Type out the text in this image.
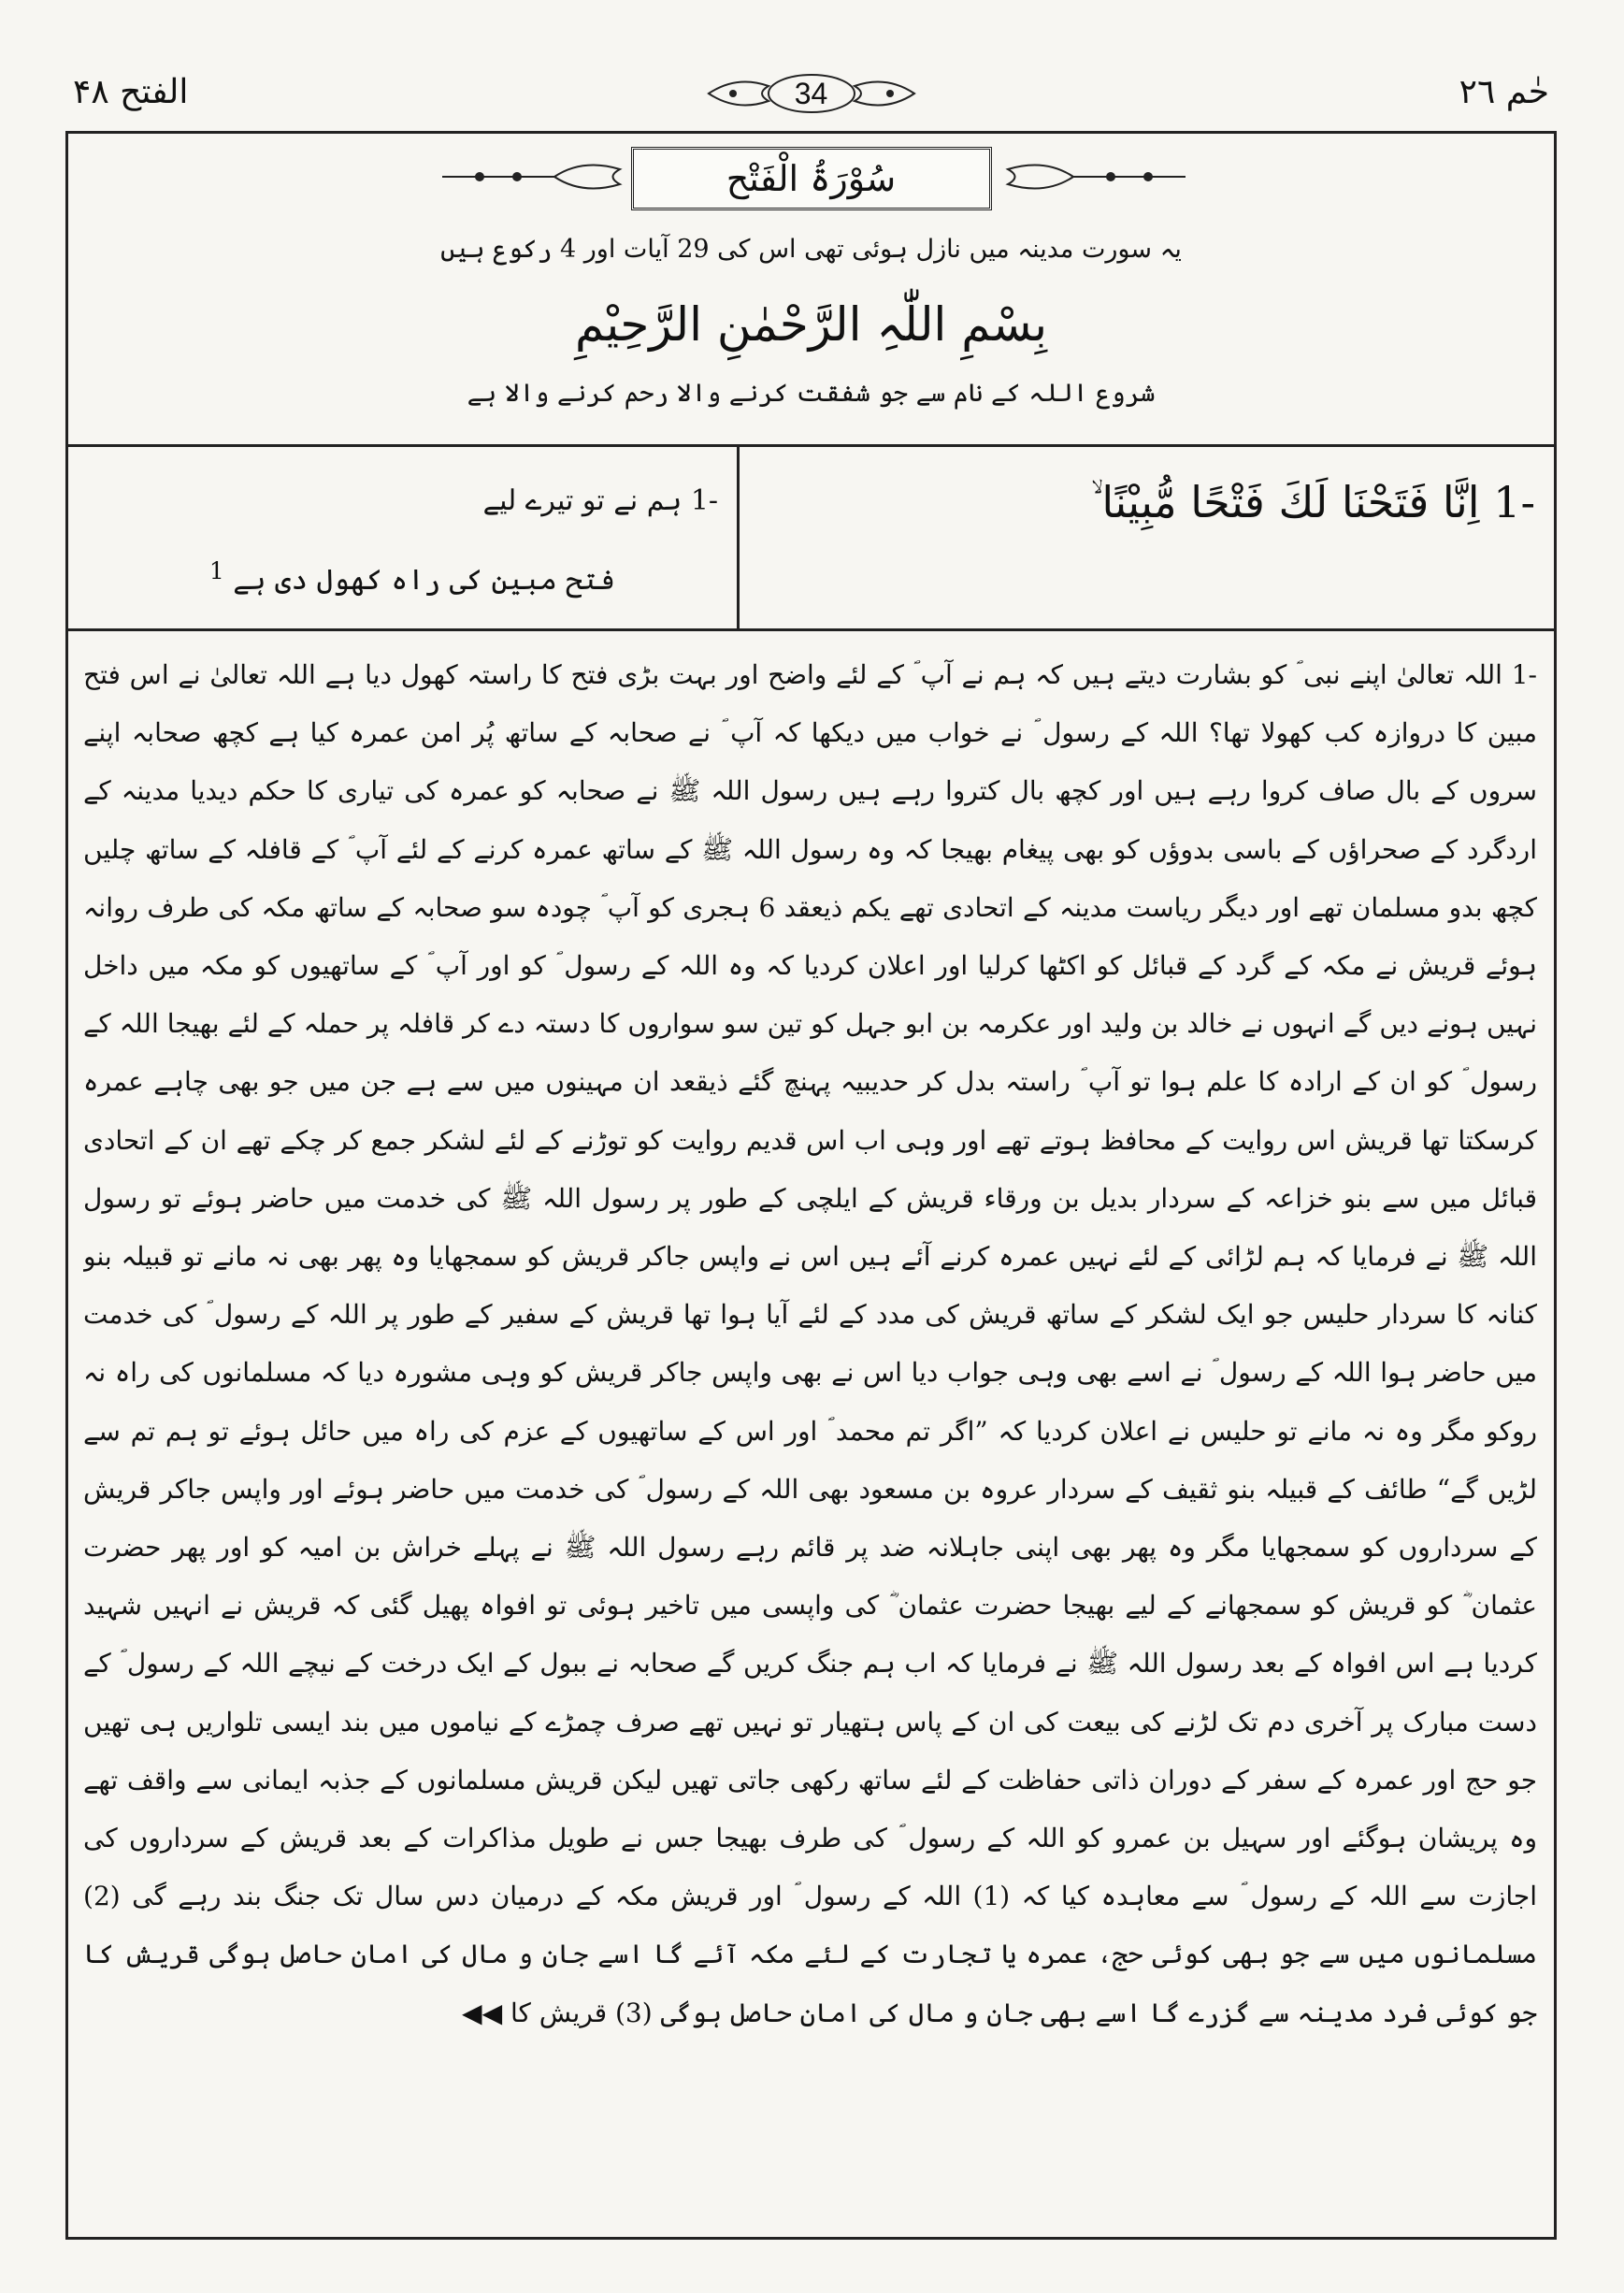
الفتح ۴۸	34	حٰم ۲٦
سُوْرَۃُ الْفَتْح
یہ سورت مدینہ میں نازل ہوئی تھی اس کی 29 آیات اور 4 رکوع ہیں
بِسْمِ اللّٰہِ الرَّحْمٰنِ الرَّحِیْمِ
شروع اللہ کے نام سے جو شفقت کرنے والا رحم کرنے والا ہے
-1 اِنَّا فَتَحْنَا لَكَ فَتْحًا مُّبِیْنًا ۙ
-1 ہم نے تو تیرے لیے
فتح مبین کی راہ کھول دی ہے $^1$
-1 اللہ تعالیٰ اپنے نبی ؐ کو بشارت دیتے ہیں کہ ہم نے آپ ؐ کے لئے واضح اور بہت بڑی فتح کا راستہ کھول دیا ہے اللہ تعالیٰ نے اس فتح مبین کا دروازہ کب کھولا تھا؟ اللہ کے رسول ؐ نے خواب میں دیکھا کہ آپ ؐ نے صحابہ کے ساتھ پُر امن عمرہ کیا ہے کچھ صحابہ اپنے سروں کے بال صاف کروا رہے ہیں اور کچھ بال کتروا رہے ہیں رسول اللہ ﷺ نے صحابہ کو عمرہ کی تیاری کا حکم دیدیا مدینہ کے اردگرد کے صحراؤں کے باسی بدوؤں کو بھی پیغام بھیجا کہ وہ رسول اللہ ﷺ کے ساتھ عمرہ کرنے کے لئے آپ ؐ کے قافلہ کے ساتھ چلیں کچھ بدو مسلمان تھے اور دیگر ریاست مدینہ کے اتحادی تھے یکم ذیعقد 6 ہجری کو آپ ؐ چودہ سو صحابہ کے ساتھ مکہ کی طرف روانہ ہوئے قریش نے مکہ کے گرد کے قبائل کو اکٹھا کرلیا اور اعلان کردیا کہ وہ اللہ کے رسول ؐ کو اور آپ ؐ کے ساتھیوں کو مکہ میں داخل نہیں ہونے دیں گے انہوں نے خالد بن ولید اور عکرمہ بن ابو جہل کو تین سو سواروں کا دستہ دے کر قافلہ پر حملہ کے لئے بھیجا اللہ کے رسول ؐ کو ان کے ارادہ کا علم ہوا تو آپ ؐ راستہ بدل کر حدیبیہ پہنچ گئے ذیقعد ان مہینوں میں سے ہے جن میں جو بھی چاہے عمرہ کرسکتا تھا قریش اس روایت کے محافظ ہوتے تھے اور وہی اب اس قدیم روایت کو توڑنے کے لئے لشکر جمع کر چکے تھے ان کے اتحادی قبائل میں سے بنو خزاعہ کے سردار بدیل بن ورقاء قریش کے ایلچی کے طور پر رسول اللہ ﷺ کی خدمت میں حاضر ہوئے تو رسول اللہ ﷺ نے فرمایا کہ ہم لڑائی کے لئے نہیں عمرہ کرنے آئے ہیں اس نے واپس جاکر قریش کو سمجھایا وہ پھر بھی نہ مانے تو قبیلہ بنو کنانہ کا سردار حلیس جو ایک لشکر کے ساتھ قریش کی مدد کے لئے آیا ہوا تھا قریش کے سفیر کے طور پر اللہ کے رسول ؐ کی خدمت میں حاضر ہوا اللہ کے رسول ؐ نے اسے بھی وہی جواب دیا اس نے بھی واپس جاکر قریش کو وہی مشورہ دیا کہ مسلمانوں کی راہ نہ روکو مگر وہ نہ مانے تو حلیس نے اعلان کردیا کہ ”اگر تم محمد ؐ اور اس کے ساتھیوں کے عزم کی راہ میں حائل ہوئے تو ہم تم سے لڑیں گے“ طائف کے قبیلہ بنو ثقیف کے سردار عروہ بن مسعود بھی اللہ کے رسول ؐ کی خدمت میں حاضر ہوئے اور واپس جاکر قریش کے سرداروں کو سمجھایا مگر وہ پھر بھی اپنی جاہلانہ ضد پر قائم رہے رسول اللہ ﷺ نے پہلے خراش بن امیہ کو اور پھر حضرت عثمان ؓ کو قریش کو سمجھانے کے لیے بھیجا حضرت عثمان ؓ کی واپسی میں تاخیر ہوئی تو افواہ پھیل گئی کہ قریش نے انہیں شہید کردیا ہے اس افواہ کے بعد رسول اللہ ﷺ نے فرمایا کہ اب ہم جنگ کریں گے صحابہ نے ببول کے ایک درخت کے نیچے اللہ کے رسول ؐ کے دست مبارک پر آخری دم تک لڑنے کی بیعت کی ان کے پاس ہتھیار تو نہیں تھے صرف چمڑے کے نیاموں میں بند ایسی تلواریں ہی تھیں جو حج اور عمرہ کے سفر کے دوران ذاتی حفاظت کے لئے ساتھ رکھی جاتی تھیں لیکن قریش مسلمانوں کے جذبہ ایمانی سے واقف تھے وہ پریشان ہوگئے اور سہیل بن عمرو کو اللہ کے رسول ؐ کی طرف بھیجا جس نے طویل مذاکرات کے بعد قریش کے سرداروں کی اجازت سے اللہ کے رسول ؐ سے معاہدہ کیا کہ (1) اللہ کے رسول ؐ اور قریش مکہ کے درمیان دس سال تک جنگ بند رہے گی (2) مسلمانوں میں سے جو بھی کوئی حج، عمرہ یا تجارت کے لئے مکہ آئے گا اسے جان و مال کی امان حاصل ہوگی قریش کا جو کوئی فرد مدینہ سے گزرے گا اسے بھی جان و مال کی امان حاصل ہوگی (3) قریش کا ◀◀
